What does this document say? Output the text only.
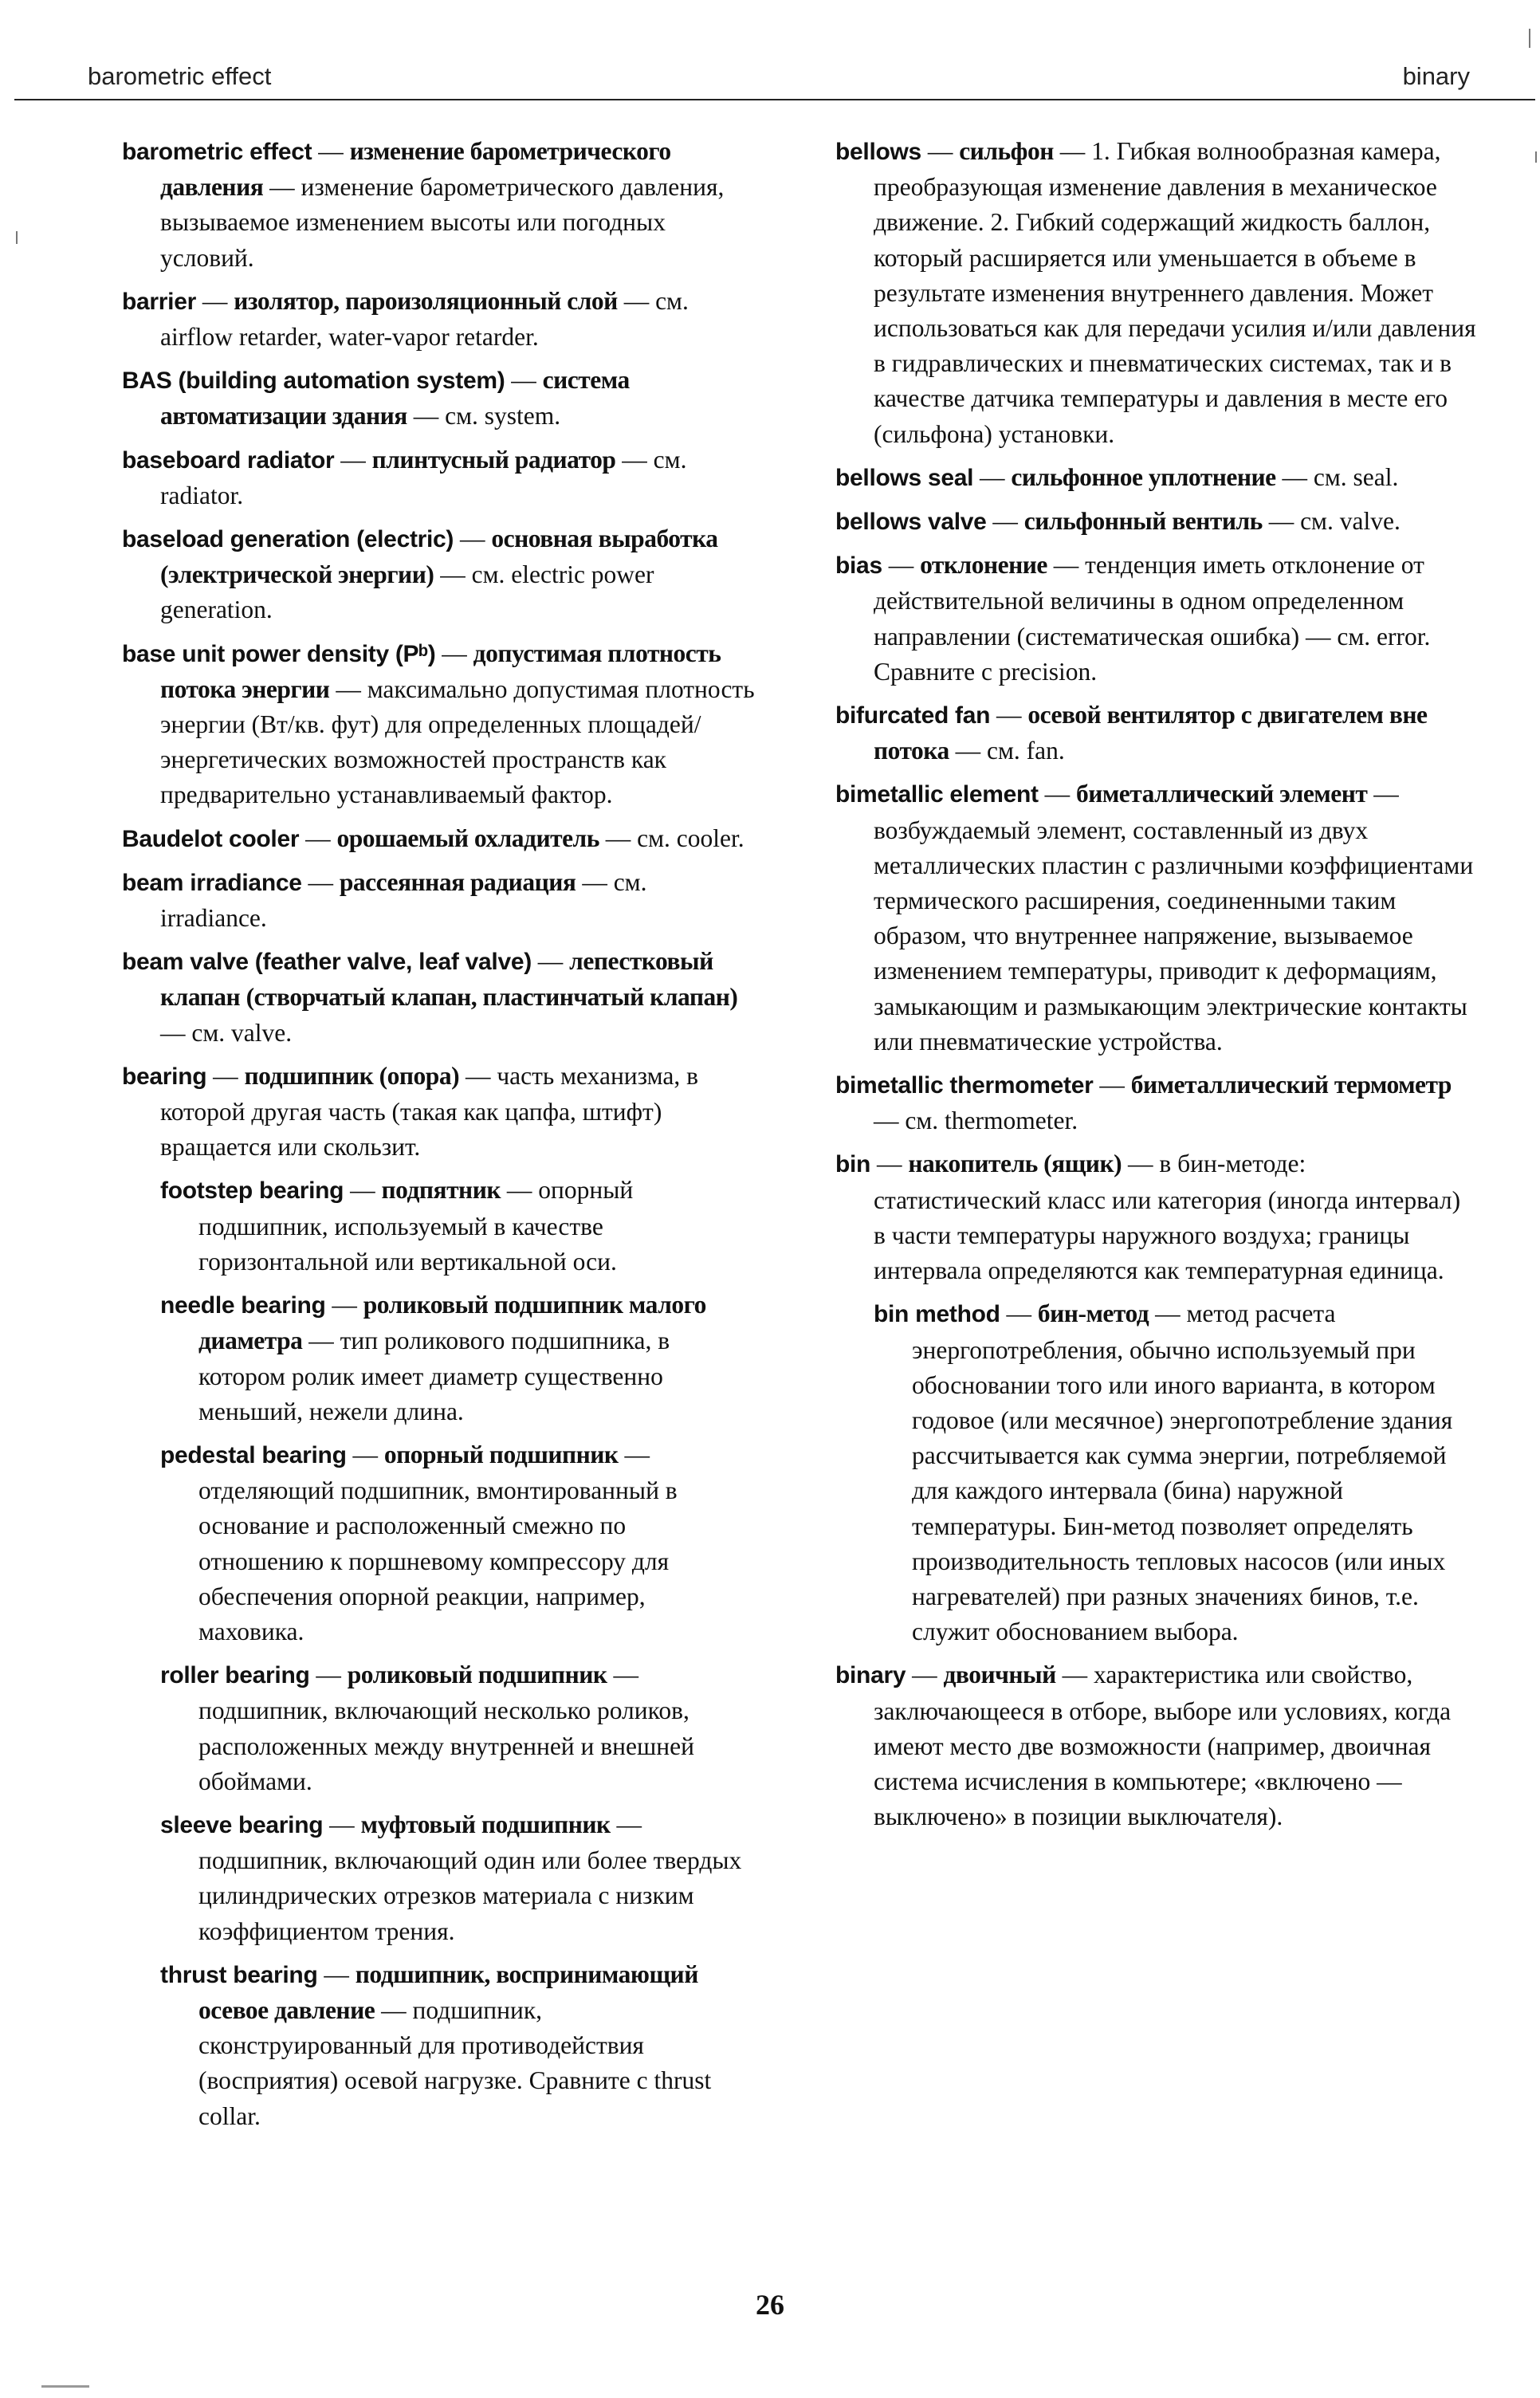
barometric effect	binary

barometric effect — изменение барометрического давления — изменение барометрического давления, вызываемое изменением высоты или погодных условий.

barrier — изолятор, пароизоляционный слой — см. airflow retarder, water-vapor retarder.

BAS (building automation system) — система автоматизации здания — см. system.

baseboard radiator — плинтусный радиатор — см. radiator.

baseload generation (electric) — основная выработка (электрической энергии) — см. electric power generation.

base unit power density (Pᵇ) — допустимая плотность потока энергии — максимально допустимая плотность энергии (Вт/кв. фут) для определенных площадей/энергетических возможностей пространств как предварительно устанавливаемый фактор.

Baudelot cooler — орошаемый охладитель — см. cooler.

beam irradiance — рассеянная радиация — см. irradiance.

beam valve (feather valve, leaf valve) — лепестковый клапан (створчатый клапан, пластинчатый клапан) — см. valve.

bearing — подшипник (опора) — часть механизма, в которой другая часть (такая как цапфа, штифт) вращается или скользит.

footstep bearing — подпятник — опорный подшипник, используемый в качестве горизонтальной или вертикальной оси.

needle bearing — роликовый подшипник малого диаметра — тип роликового подшипника, в котором ролик имеет диаметр существенно меньший, нежели длина.

pedestal bearing — опорный подшипник — отделяющий подшипник, вмонтированный в основание и расположенный смежно по отношению к поршневому компрессору для обеспечения опорной реакции, например, маховика.

roller bearing — роликовый подшипник — подшипник, включающий несколько роликов, расположенных между внутренней и внешней обоймами.

sleeve bearing — муфтовый подшипник — подшипник, включающий один или более твердых цилиндрических отрезков материала с низким коэффициентом трения.

thrust bearing — подшипник, воспринимающий осевое давление — подшипник, сконструированный для противодействия (восприятия) осевой нагрузке. Сравните с thrust collar.

bellows — сильфон — 1. Гибкая волнообразная камера, преобразующая изменение давления в механическое движение. 2. Гибкий содержащий жидкость баллон, который расширяется или уменьшается в объеме в результате изменения внутреннего давления. Может использоваться как для передачи усилия и/или давления в гидравлических и пневматических системах, так и в качестве датчика температуры и давления в месте его (сильфона) установки.

bellows seal — сильфонное уплотнение — см. seal.

bellows valve — сильфонный вентиль — см. valve.

bias — отклонение — тенденция иметь отклонение от действительной величины в одном определенном направлении (систематическая ошибка) — см. error. Сравните с precision.

bifurcated fan — осевой вентилятор с двигателем вне потока — см. fan.

bimetallic element — биметаллический элемент — возбуждаемый элемент, составленный из двух металлических пластин с различными коэффициентами термического расширения, соединенными таким образом, что внутреннее напряжение, вызываемое изменением температуры, приводит к деформациям, замыкающим и размыкающим электрические контакты или пневматические устройства.

bimetallic thermometer — биметаллический термометр — см. thermometer.

bin — накопитель (ящик) — в бин-методе: статистический класс или категория (иногда интервал) в части температуры наружного воздуха; границы интервала определяются как температурная единица.

bin method — бин-метод — метод расчета энергопотребления, обычно используемый при обосновании того или иного варианта, в котором годовое (или месячное) энергопотребление здания рассчитывается как сумма энергии, потребляемой для каждого интервала (бина) наружной температуры. Бин-метод позволяет определять производительность тепловых насосов (или иных нагревателей) при разных значениях бинов, т.е. служит обоснованием выбора.

binary — двоичный — характеристика или свойство, заключающееся в отборе, выборе или условиях, когда имеют место две возможности (например, двоичная система исчисления в компьютере; «включено — выключено» в позиции выключателя).

26
